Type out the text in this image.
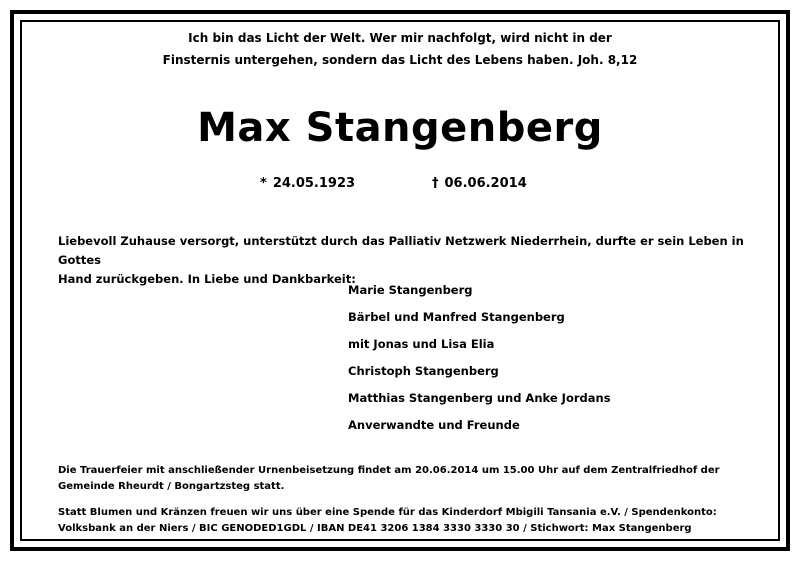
Ich bin das Licht der Welt. Wer mir nachfolgt, wird nicht in der
Finsternis untergehen, sondern das Licht des Lebens haben. Joh. 8,12
Max Stangenberg
* 24.05.1923	† 06.06.2014
Liebevoll Zuhause versorgt, unterstützt durch das Palliativ Netzwerk Niederrhein, durfte er sein Leben in Gottes
Hand zurückgeben. In Liebe und Dankbarkeit:
Marie Stangenberg
Bärbel und Manfred Stangenberg
mit Jonas und Lisa Elia
Christoph Stangenberg
Matthias Stangenberg und Anke Jordans
Anverwandte und Freunde
Die Trauerfeier mit anschließender Urnenbeisetzung findet am 20.06.2014 um 15.00 Uhr auf dem Zentralfriedhof der
Gemeinde Rheurdt / Bongartzsteg statt.
Statt Blumen und Kränzen freuen wir uns über eine Spende für das Kinderdorf Mbigili Tansania e.V. / Spendenkonto:
Volksbank an der Niers / BIC GENODED1GDL / IBAN DE41 3206 1384 3330 3330 30 / Stichwort: Max Stangenberg
